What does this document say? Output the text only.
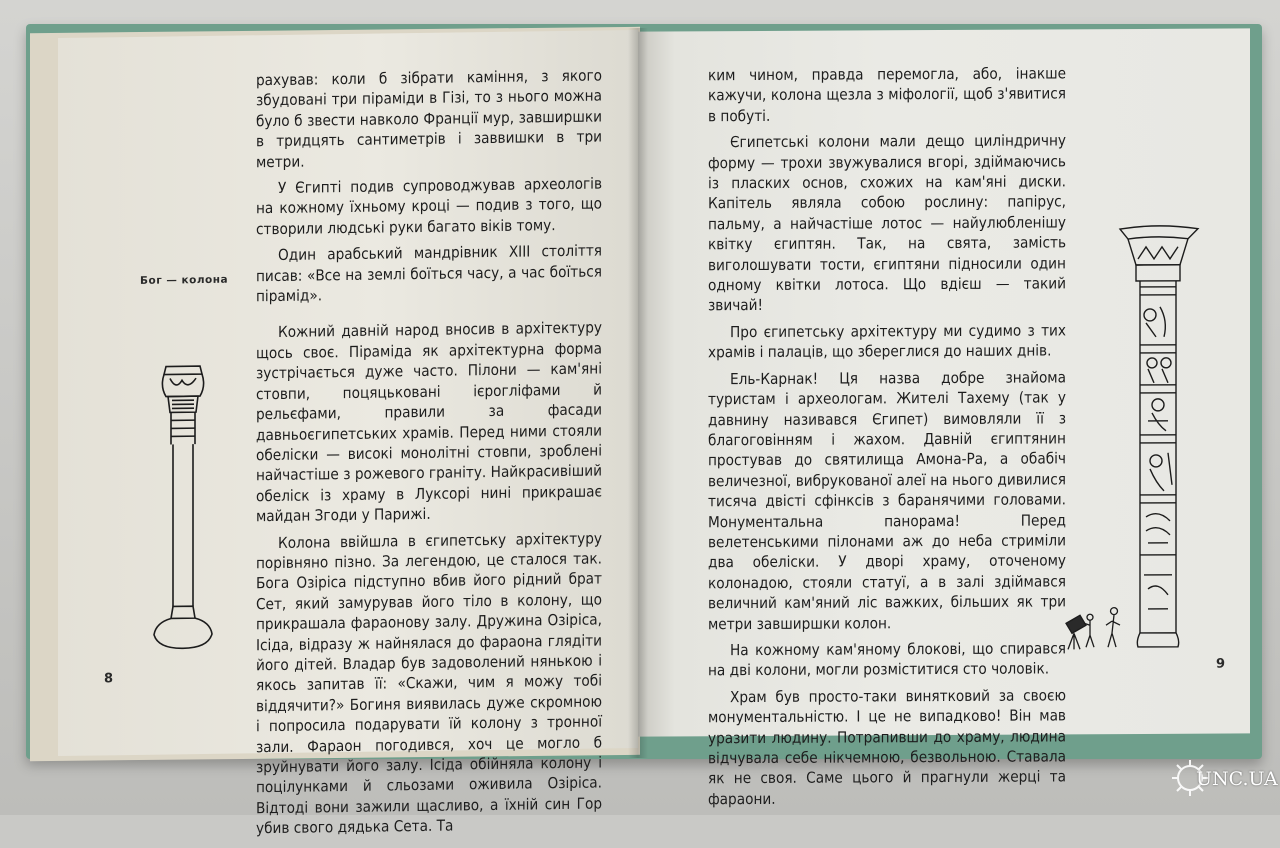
Бог — колона

рахував: коли б зібрати каміння, з якого збудовані три піраміди в Гізі, то з нього можна було б звести навколо Франції мур, завширшки в тридцять сантиметрів і заввишки в три метри.

У Єгипті подив супроводжував археологів на кожному їхньому кроці — подив з того, що створили людські руки багато віків тому.

Один арабський мандрівник XIII століття писав: «Все на землі боїться часу, а час боїться пірамід».

Кожний давній народ вносив в архітектуру щось своє. Піраміда як архітектурна форма зустрічається дуже часто. Пілони — кам'яні стовпи, поцяцьковані ієрогліфами й рельєфами, правили за фасади давньоєгипетських храмів. Перед ними стояли обеліски — високі монолітні стовпи, зроблені найчастіше з рожевого граніту. Найкрасивіший обеліск із храму в Луксорі нині прикрашає майдан Згоди у Парижі.

Колона ввійшла в єгипетську архітектуру порівняно пізно. За легендою, це сталося так. Бога Озіріса підступно вбив його рідний брат Сет, який замурував його тіло в колону, що прикрашала фараонову залу. Дружина Озіріса, Ісіда, відразу ж найнялася до фараона глядіти його дітей. Владар був задоволений нянькою і якось запитав її: «Скажи, чим я можу тобі віддячити?» Богиня виявилась дуже скромною і попросила подарувати їй колону з тронної зали. Фараон погодився, хоч це могло б зруйнувати його залу. Ісіда обійняла колону і поцілунками й сльозами оживила Озіріса. Відтоді вони зажили щасливо, а їхній син Гор убив свого дядька Сета. Та

8

ким чином, правда перемогла, або, інакше кажучи, колона щезла з міфології, щоб з'явитися в побуті.

Єгипетські колони мали дещо циліндричну форму — трохи звужувалися вгорі, здіймаючись із пласких основ, схожих на кам'яні диски. Капітель являла собою рослину: папірус, пальму, а найчастіше лотос — найулюбленішу квітку єгиптян. Так, на свята, замість виголошувати тости, єгиптяни підносили один одному квітки лотоса. Що вдієш — такий звичай!

Про єгипетську архітектуру ми судимо з тих храмів і палаців, що збереглися до наших днів.

Ель-Карнак! Ця назва добре знайома туристам і археологам. Жителі Тахему (так у давнину називався Єгипет) вимовляли її з благоговінням і жахом. Давній єгиптянин простував до святилища Амона-Ра, а обабіч величезної, вибрукованої алеї на нього дивилися тисяча двісті сфінксів з баранячими головами. Монументальна панорама! Перед велетенськими пілонами аж до неба стриміли два обеліски. У дворі храму, оточеному колонадою, стояли статуї, а в залі здіймався величний кам'яний ліс важких, більших як три метри завширшки колон.

На кожному кам'яному блокові, що спирався на дві колони, могли розміститися сто чоловік.

Храм був просто-таки винятковий за своєю монументальністю. І це не випадково! Він мав уразити людину. Потрапивши до храму, людина відчувала себе нікчемною, безвольною. Ставала як не своя. Саме цього й прагнули жерці та фараони.

9
UNC.UA
